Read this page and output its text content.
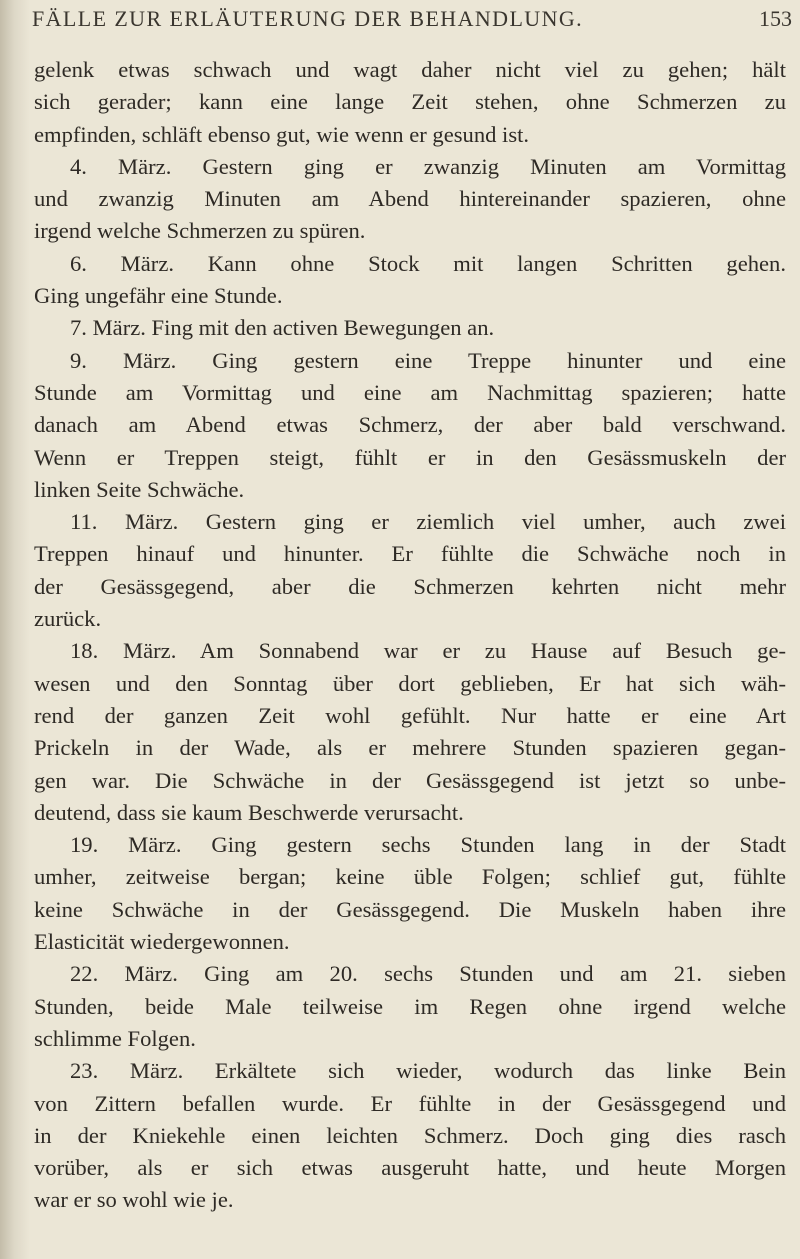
FÄLLE ZUR ERLÄUTERUNG DER BEHANDLUNG.	153

gelenk etwas schwach und wagt daher nicht viel zu gehen; hält
sich gerader; kann eine lange Zeit stehen, ohne Schmerzen zu
empfinden, schläft ebenso gut, wie wenn er gesund ist.

4. März. Gestern ging er zwanzig Minuten am Vormittag
und zwanzig Minuten am Abend hintereinander spazieren, ohne
irgend welche Schmerzen zu spüren.

6. März. Kann ohne Stock mit langen Schritten gehen.
Ging ungefähr eine Stunde.

7. März. Fing mit den activen Bewegungen an.

9. März. Ging gestern eine Treppe hinunter und eine
Stunde am Vormittag und eine am Nachmittag spazieren; hatte
danach am Abend etwas Schmerz, der aber bald verschwand.
Wenn er Treppen steigt, fühlt er in den Gesässmuskeln der
linken Seite Schwäche.

11. März. Gestern ging er ziemlich viel umher, auch zwei
Treppen hinauf und hinunter. Er fühlte die Schwäche noch in
der Gesässgegend, aber die Schmerzen kehrten nicht mehr
zurück.

18. März. Am Sonnabend war er zu Hause auf Besuch ge-
wesen und den Sonntag über dort geblieben, Er hat sich wäh-
rend der ganzen Zeit wohl gefühlt. Nur hatte er eine Art
Prickeln in der Wade, als er mehrere Stunden spazieren gegan-
gen war. Die Schwäche in der Gesässgegend ist jetzt so unbe-
deutend, dass sie kaum Beschwerde verursacht.

19. März. Ging gestern sechs Stunden lang in der Stadt
umher, zeitweise bergan; keine üble Folgen; schlief gut, fühlte
keine Schwäche in der Gesässgegend. Die Muskeln haben ihre
Elasticität wiedergewonnen.

22. März. Ging am 20. sechs Stunden und am 21. sieben
Stunden, beide Male teilweise im Regen ohne irgend welche
schlimme Folgen.

23. März. Erkältete sich wieder, wodurch das linke Bein
von Zittern befallen wurde. Er fühlte in der Gesässgegend und
in der Kniekehle einen leichten Schmerz. Doch ging dies rasch
vorüber, als er sich etwas ausgeruht hatte, und heute Morgen
war er so wohl wie je.
